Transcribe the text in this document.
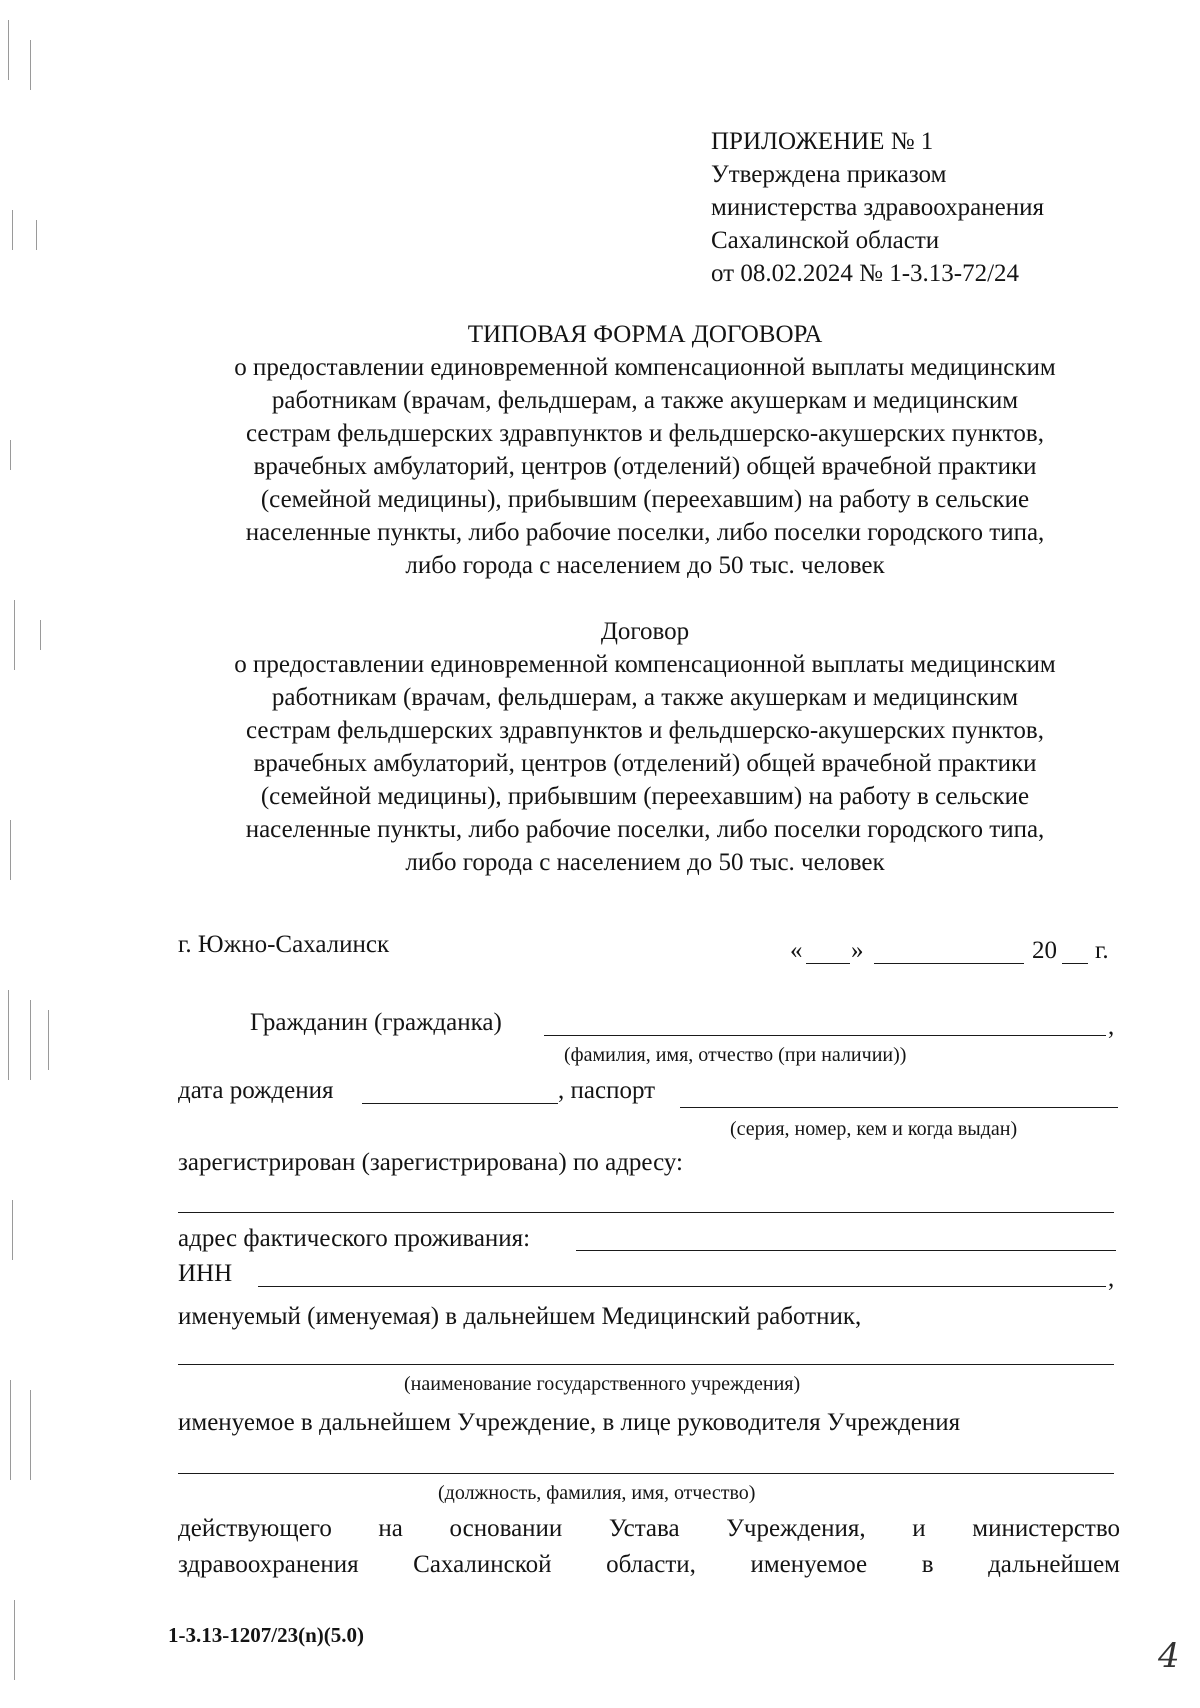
ПРИЛОЖЕНИЕ № 1
Утверждена приказом
министерства здравоохранения
Сахалинской области
от 08.02.2024 № 1-3.13-72/24
ТИПОВАЯ ФОРМА ДОГОВОРА
о предоставлении единовременной компенсационной выплаты медицинским
работникам (врачам, фельдшерам, а также акушеркам и медицинским
сестрам фельдшерских здравпунктов и фельдшерско-акушерских пунктов,
врачебных амбулаторий, центров (отделений) общей врачебной практики
(семейной медицины), прибывшим (переехавшим) на работу в сельские
населенные пункты, либо рабочие поселки, либо поселки городского типа,
либо города с населением до 50 тыс. человек
Договор
о предоставлении единовременной компенсационной выплаты медицинским
работникам (врачам, фельдшерам, а также акушеркам и медицинским
сестрам фельдшерских здравпунктов и фельдшерско-акушерских пунктов,
врачебных амбулаторий, центров (отделений) общей врачебной практики
(семейной медицины), прибывшим (переехавшим) на работу в сельские
населенные пункты, либо рабочие поселки, либо поселки городского типа,
либо города с населением до 50 тыс. человек
г. Южно-Сахалинск	« »	20 г.
Гражданин (гражданка)	,
(фамилия, имя, отчество (при наличии))
дата рождения	, паспорт
(серия, номер, кем и когда выдан)
зарегистрирован (зарегистрирована) по адресу:
адрес фактического проживания:
ИНН	,
именуемый (именуемая) в дальнейшем Медицинский работник,
(наименование государственного учреждения)
именуемое в дальнейшем Учреждение, в лице руководителя Учреждения
(должность, фамилия, имя, отчество)
действующего на основании Устава Учреждения, и министерство
здравоохранения Сахалинской области, именуемое в дальнейшем
1-3.13-1207/23(n)(5.0)
4
